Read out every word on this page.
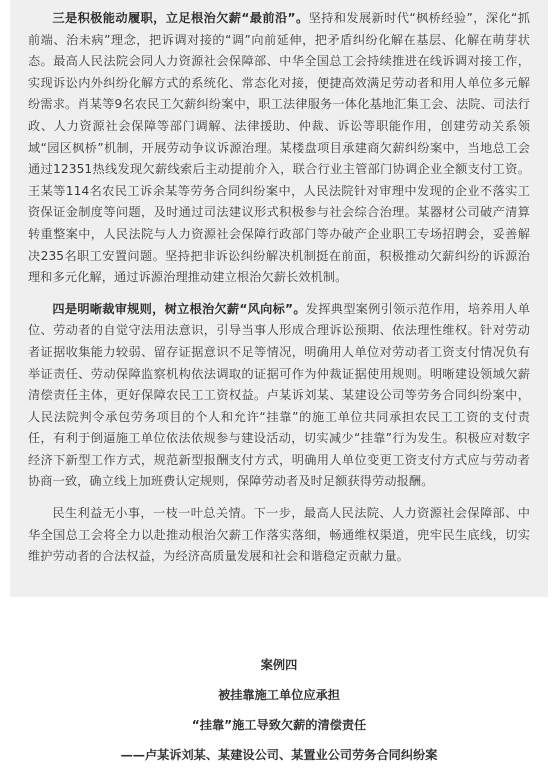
三是积极能动履职，立足根治欠薪“最前沿”。坚持和发展新时代“枫桥经验”，深化“抓前端、治未病”理念，把诉调对接的“调”向前延伸，把矛盾纠纷化解在基层、化解在萌芽状态。最高人民法院会同人力资源社会保障部、中华全国总工会持续推进在线诉调对接工作，实现诉讼内外纠纷化解方式的系统化、常态化对接，便捷高效满足劳动者和用人单位多元解纷需求。肖某等9名农民工欠薪纠纷案中，职工法律服务一体化基地汇集工会、法院、司法行政、人力资源社会保障等部门调解、法律援助、仲裁、诉讼等职能作用，创建劳动关系领域“园区枫桥”机制，开展劳动争议诉源治理。某楼盘项目承建商欠薪纠纷案中，当地总工会通过12351热线发现欠薪线索后主动提前介入，联合行业主管部门协调企业全额支付工资。王某等114名农民工诉余某等劳务合同纠纷案中，人民法院针对审理中发现的企业不落实工资保证金制度等问题，及时通过司法建议形式积极参与社会综合治理。某器材公司破产清算转重整案中，人民法院与人力资源社会保障行政部门等办破产企业职工专场招聘会，妥善解决235名职工安置问题。坚持把非诉讼纠纷解决机制挺在前面，积极推动欠薪纠纷的诉源治理和多元化解，通过诉源治理推动建立根治欠薪长效机制。

四是明晰裁审规则，树立根治欠薪“风向标”。发挥典型案例引领示范作用，培养用人单位、劳动者的自觉守法用法意识，引导当事人形成合理诉讼预期、依法理性维权。针对劳动者证据收集能力较弱、留存证据意识不足等情况，明确用人单位对劳动者工资支付情况负有举证责任、劳动保障监察机构依法调取的证据可作为仲裁证据使用规则。明晰建设领域欠薪清偿责任主体，更好保障农民工工资权益。卢某诉刘某、某建设公司等劳务合同纠纷案中，人民法院判令承包劳务项目的个人和允许“挂靠”的施工单位共同承担农民工工资的支付责任，有利于倒逼施工单位依法依规参与建设活动，切实减少“挂靠”行为发生。积极应对数字经济下新型工作方式，规范新型报酬支付方式，明确用人单位变更工资支付方式应与劳动者协商一致，确立线上加班费认定规则，保障劳动者及时足额获得劳动报酬。

民生利益无小事，一枝一叶总关情。下一步，最高人民法院、人力资源社会保障部、中华全国总工会将全力以赴推动根治欠薪工作落实落细，畅通维权渠道，兜牢民生底线，切实维护劳动者的合法权益，为经济高质量发展和社会和谐稳定贡献力量。

案例四
被挂靠施工单位应承担
“挂靠”施工导致欠薪的清偿责任
——卢某诉刘某、某建设公司、某置业公司劳务合同纠纷案
